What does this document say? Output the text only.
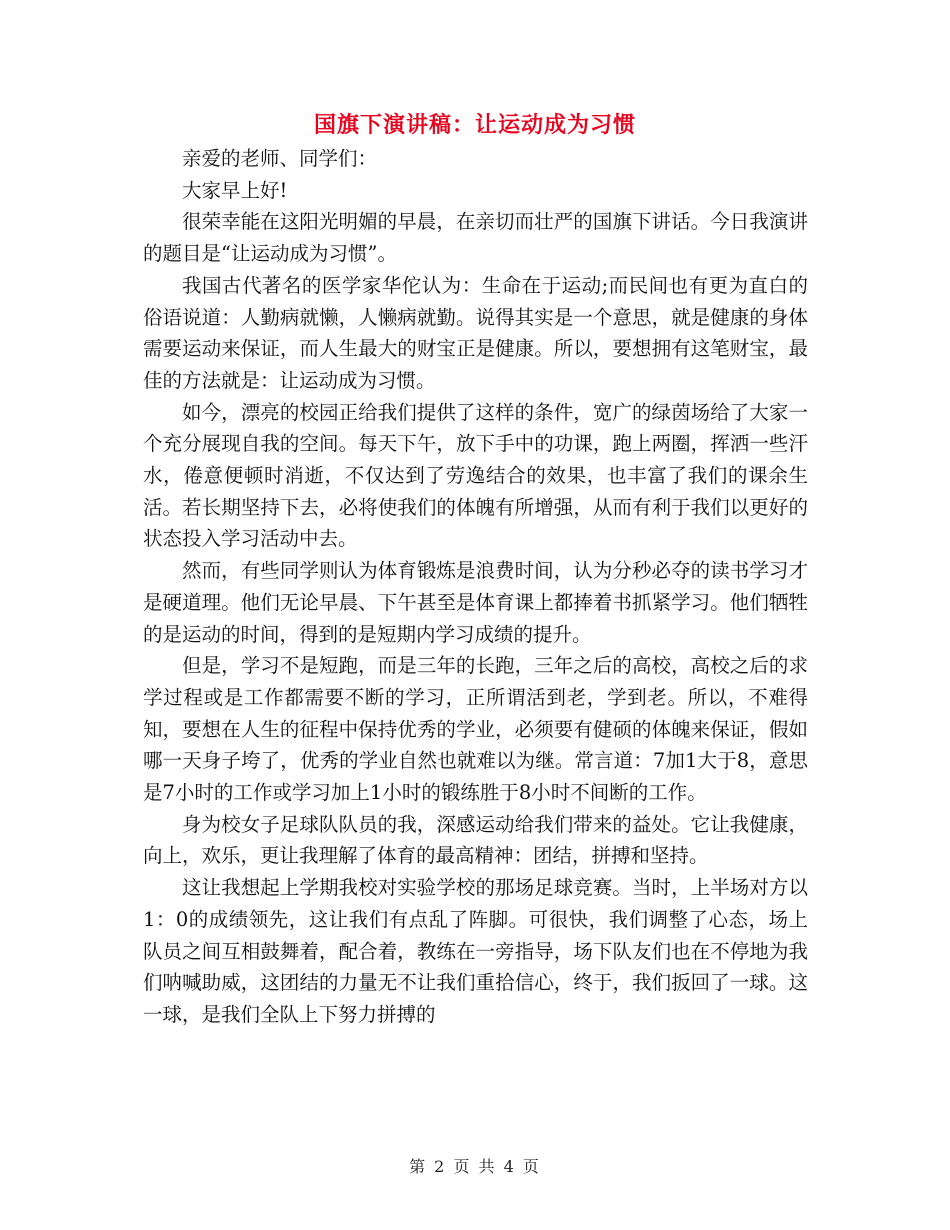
国旗下演讲稿：让运动成为习惯

亲爱的老师、同学们：

大家早上好!

很荣幸能在这阳光明媚的早晨，在亲切而壮严的国旗下讲话。今日我演讲的题目是“让运动成为习惯”。

我国古代著名的医学家华佗认为：生命在于运动;而民间也有更为直白的俗语说道：人勤病就懒，人懒病就勤。说得其实是一个意思，就是健康的身体需要运动来保证，而人生最大的财宝正是健康。所以，要想拥有这笔财宝，最佳的方法就是：让运动成为习惯。

如今，漂亮的校园正给我们提供了这样的条件，宽广的绿茵场给了大家一个充分展现自我的空间。每天下午，放下手中的功课，跑上两圈，挥洒一些汗水，倦意便顿时消逝，不仅达到了劳逸结合的效果，也丰富了我们的课余生活。若长期坚持下去，必将使我们的体魄有所增强，从而有利于我们以更好的状态投入学习活动中去。

然而，有些同学则认为体育锻炼是浪费时间，认为分秒必夺的读书学习才是硬道理。他们无论早晨、下午甚至是体育课上都捧着书抓紧学习。他们牺牲的是运动的时间，得到的是短期内学习成绩的提升。

但是，学习不是短跑，而是三年的长跑，三年之后的高校，高校之后的求学过程或是工作都需要不断的学习，正所谓活到老，学到老。所以，不难得知，要想在人生的征程中保持优秀的学业，必须要有健硕的体魄来保证，假如哪一天身子垮了，优秀的学业自然也就难以为继。常言道：7加1大于8，意思是7小时的工作或学习加上1小时的锻练胜于8小时不间断的工作。

身为校女子足球队队员的我，深感运动给我们带来的益处。它让我健康，向上，欢乐，更让我理解了体育的最高精神：团结，拼搏和坚持。

这让我想起上学期我校对实验学校的那场足球竞赛。当时，上半场对方以1：0的成绩领先，这让我们有点乱了阵脚。可很快，我们调整了心态，场上队员之间互相鼓舞着，配合着，教练在一旁指导，场下队友们也在不停地为我们呐喊助威，这团结的力量无不让我们重拾信心，终于，我们扳回了一球。这一球，是我们全队上下努力拼搏的

第 2 页 共 4 页
